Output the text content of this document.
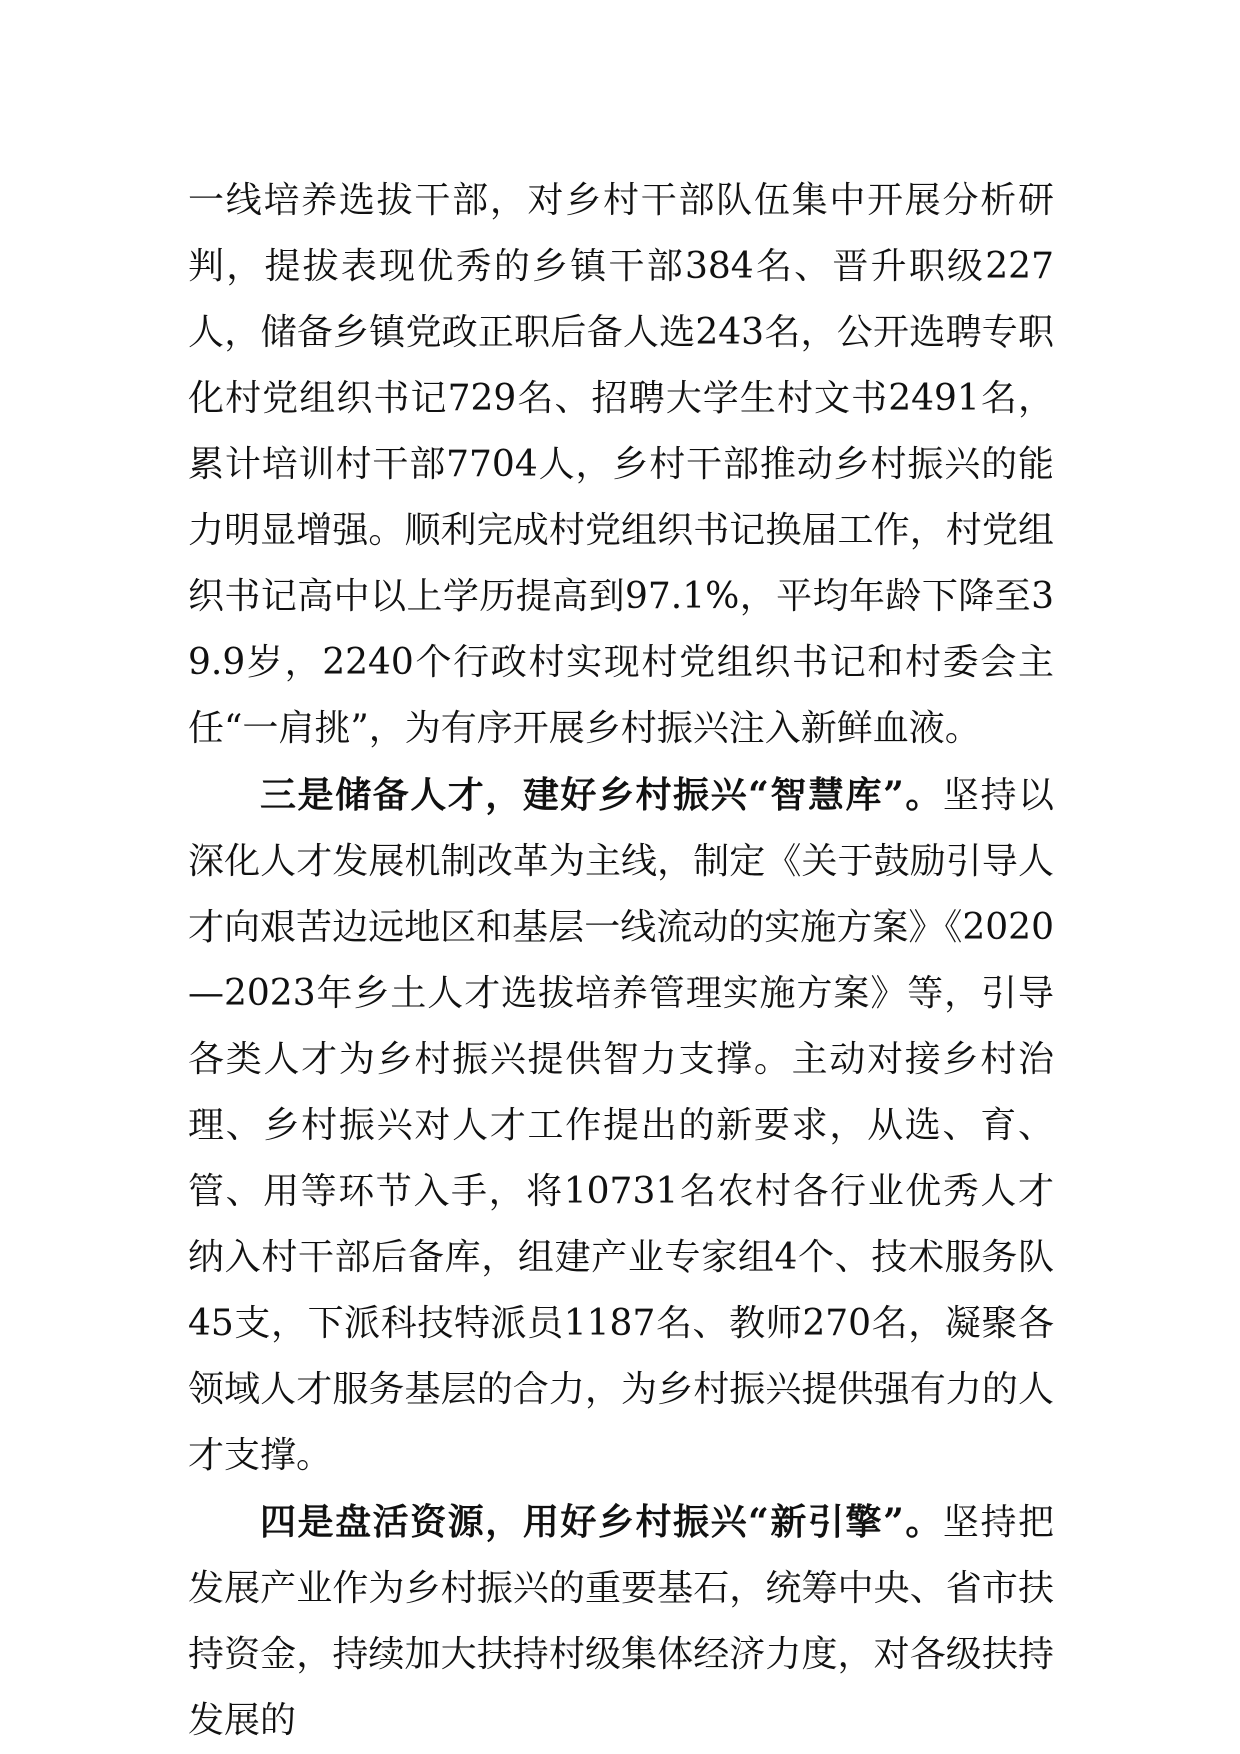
一线培养选拔干部，对乡村干部队伍集中开展分析研判，提拔表现优秀的乡镇干部384名、晋升职级227人，储备乡镇党政正职后备人选243名，公开选聘专职化村党组织书记729名、招聘大学生村文书2491名，累计培训村干部7704人，乡村干部推动乡村振兴的能力明显增强。顺利完成村党组织书记换届工作，村党组织书记高中以上学历提高到97.1%，平均年龄下降至39.9岁，2240个行政村实现村党组织书记和村委会主任“一肩挑”，为有序开展乡村振兴注入新鲜血液。

三是储备人才，建好乡村振兴“智慧库”。坚持以深化人才发展机制改革为主线，制定《关于鼓励引导人才向艰苦边远地区和基层一线流动的实施方案》《2020—2023年乡土人才选拔培养管理实施方案》等，引导各类人才为乡村振兴提供智力支撑。主动对接乡村治理、乡村振兴对人才工作提出的新要求，从选、育、管、用等环节入手，将10731名农村各行业优秀人才纳入村干部后备库，组建产业专家组4个、技术服务队45支，下派科技特派员1187名、教师270名，凝聚各领域人才服务基层的合力，为乡村振兴提供强有力的人才支撑。

四是盘活资源，用好乡村振兴“新引擎”。坚持把发展产业作为乡村振兴的重要基石，统筹中央、省市扶持资金，持续加大扶持村级集体经济力度，对各级扶持发展的
